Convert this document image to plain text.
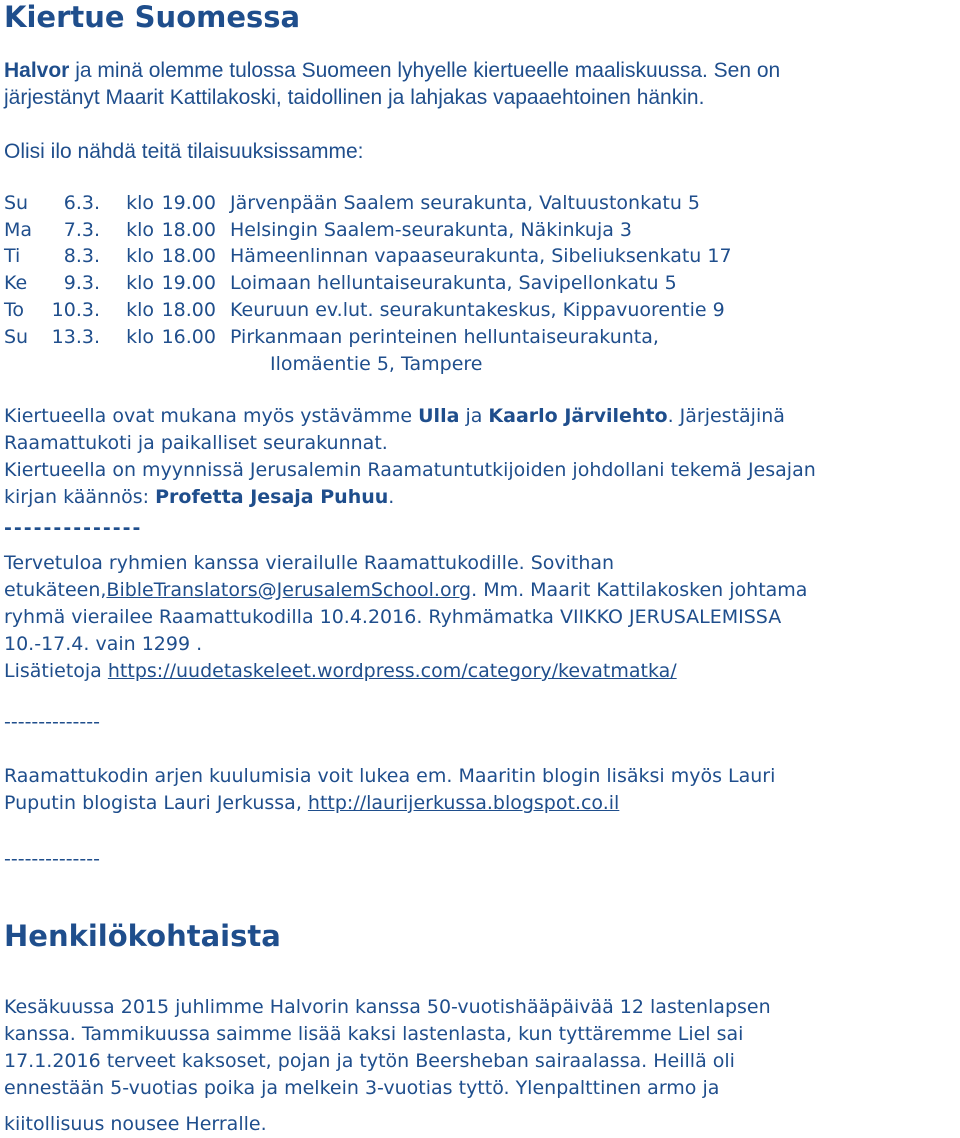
Kiertue Suomessa
Halvor ja minä olemme tulossa Suomeen lyhyelle kiertueelle maaliskuussa. Sen on
järjestänyt Maarit Kattilakoski, taidollinen ja lahjakas vapaaehtoinen hänkin.
Olisi ilo nähdä teitä tilaisuuksissamme:
Su 6.3. klo 19.00 Järvenpään Saalem seurakunta, Valtuustonkatu 5
Ma 7.3. klo 18.00 Helsingin Saalem-seurakunta, Näkinkuja 3
Ti 8.3. klo 18.00 Hämeenlinnan vapaaseurakunta, Sibeliuksenkatu 17
Ke 9.3. klo 19.00 Loimaan helluntaiseurakunta, Savipellonkatu 5
To 10.3. klo 18.00 Keuruun ev.lut. seurakuntakeskus, Kippavuorentie 9
Su 13.3. klo 16.00 Pirkanmaan perinteinen helluntaiseurakunta,
Ilomäentie 5, Tampere
Kiertueella ovat mukana myös ystävämme Ulla ja Kaarlo Järvilehto. Järjestäjinä
Raamattukoti ja paikalliset seurakunnat.
Kiertueella on myynnissä Jerusalemin Raamatuntutkijoiden johdollani tekemä Jesajan
kirjan käännös: Profetta Jesaja Puhuu.
--------------
Tervetuloa ryhmien kanssa vierailulle Raamattukodille. Sovithan
etukäteen,BibleTranslators@JerusalemSchool.org. Mm. Maarit Kattilakosken johtama
ryhmä vierailee Raamattukodilla 10.4.2016. Ryhmämatka VIIKKO JERUSALEMISSA
10.-17.4. vain 1299 .
Lisätietoja https://uudetaskeleet.wordpress.com/category/kevatmatka/
--------------
Raamattukodin arjen kuulumisia voit lukea em. Maaritin blogin lisäksi myös Lauri
Puputin blogista Lauri Jerkussa, http://laurijerkussa.blogspot.co.il
--------------
Henkilökohtaista
Kesäkuussa 2015 juhlimme Halvorin kanssa 50-vuotishääpäivää 12 lastenlapsen
kanssa. Tammikuussa saimme lisää kaksi lastenlasta, kun tyttäremme Liel sai
17.1.2016 terveet kaksoset, pojan ja tytön Beersheban sairaalassa. Heillä oli
ennestään 5-vuotias poika ja melkein 3-vuotias tyttö. Ylenpalttinen armo ja
kiitollisuus nousee Herralle.
